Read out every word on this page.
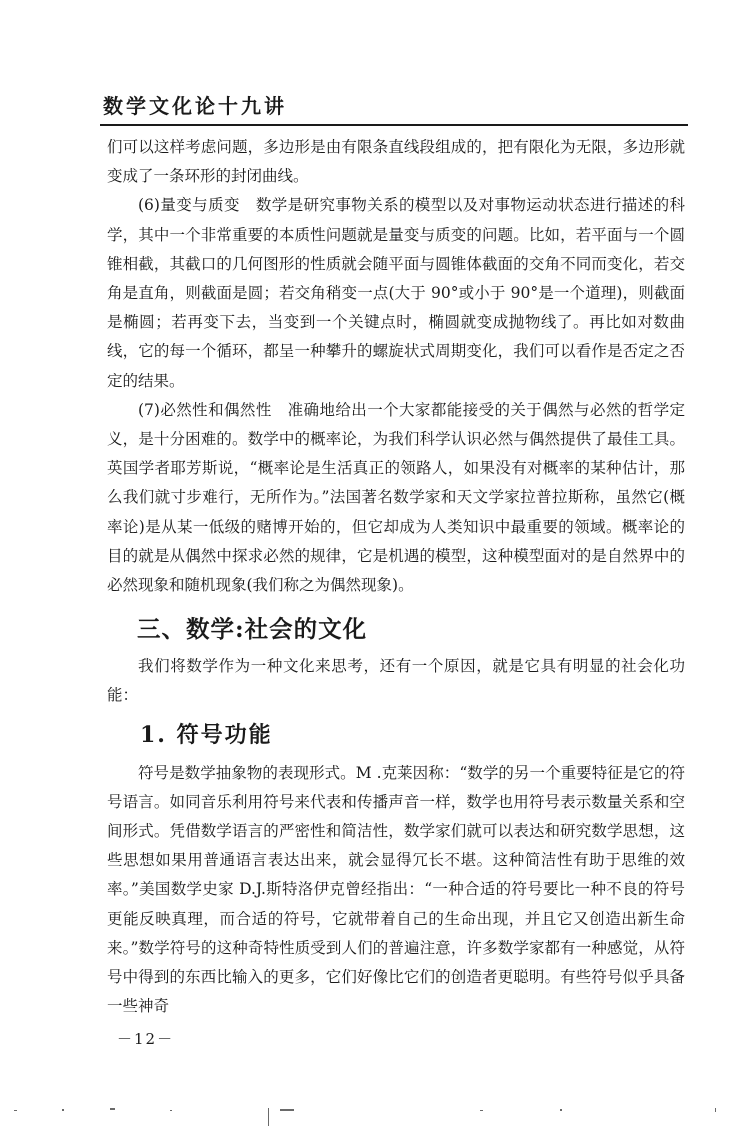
数学文化论十九讲

们可以这样考虑问题，多边形是由有限条直线段组成的，把有限化为无限，多边形就变成了一条环形的封闭曲线。

(6)量变与质变　数学是研究事物关系的模型以及对事物运动状态进行描述的科学，其中一个非常重要的本质性问题就是量变与质变的问题。比如，若平面与一个圆锥相截，其截口的几何图形的性质就会随平面与圆锥体截面的交角不同而变化，若交角是直角，则截面是圆；若交角稍变一点(大于 90°或小于 90°是一个道理)，则截面是椭圆；若再变下去，当变到一个关键点时，椭圆就变成抛物线了。再比如对数曲线，它的每一个循环，都呈一种攀升的螺旋状式周期变化，我们可以看作是否定之否定的结果。

(7)必然性和偶然性　准确地给出一个大家都能接受的关于偶然与必然的哲学定义，是十分困难的。数学中的概率论，为我们科学认识必然与偶然提供了最佳工具。英国学者耶芳斯说，“概率论是生活真正的领路人，如果没有对概率的某种估计，那么我们就寸步难行，无所作为。”法国著名数学家和天文学家拉普拉斯称，虽然它(概率论)是从某一低级的赌博开始的，但它却成为人类知识中最重要的领域。概率论的目的就是从偶然中探求必然的规律，它是机遇的模型，这种模型面对的是自然界中的必然现象和随机现象(我们称之为偶然现象)。

三、数学:社会的文化

我们将数学作为一种文化来思考，还有一个原因，就是它具有明显的社会化功能：

1. 符号功能

符号是数学抽象物的表现形式。M .克莱因称：“数学的另一个重要特征是它的符号语言。如同音乐利用符号来代表和传播声音一样，数学也用符号表示数量关系和空间形式。凭借数学语言的严密性和简洁性，数学家们就可以表达和研究数学思想，这些思想如果用普通语言表达出来，就会显得冗长不堪。这种简洁性有助于思维的效率。”美国数学史家 D.J.斯特洛伊克曾经指出：“一种合适的符号要比一种不良的符号更能反映真理，而合适的符号，它就带着自己的生命出现，并且它又创造出新生命来。”数学符号的这种奇特性质受到人们的普遍注意，许多数学家都有一种感觉，从符号中得到的东西比输入的更多，它们好像比它们的创造者更聪明。有些符号似乎具备一些神奇

－12－
